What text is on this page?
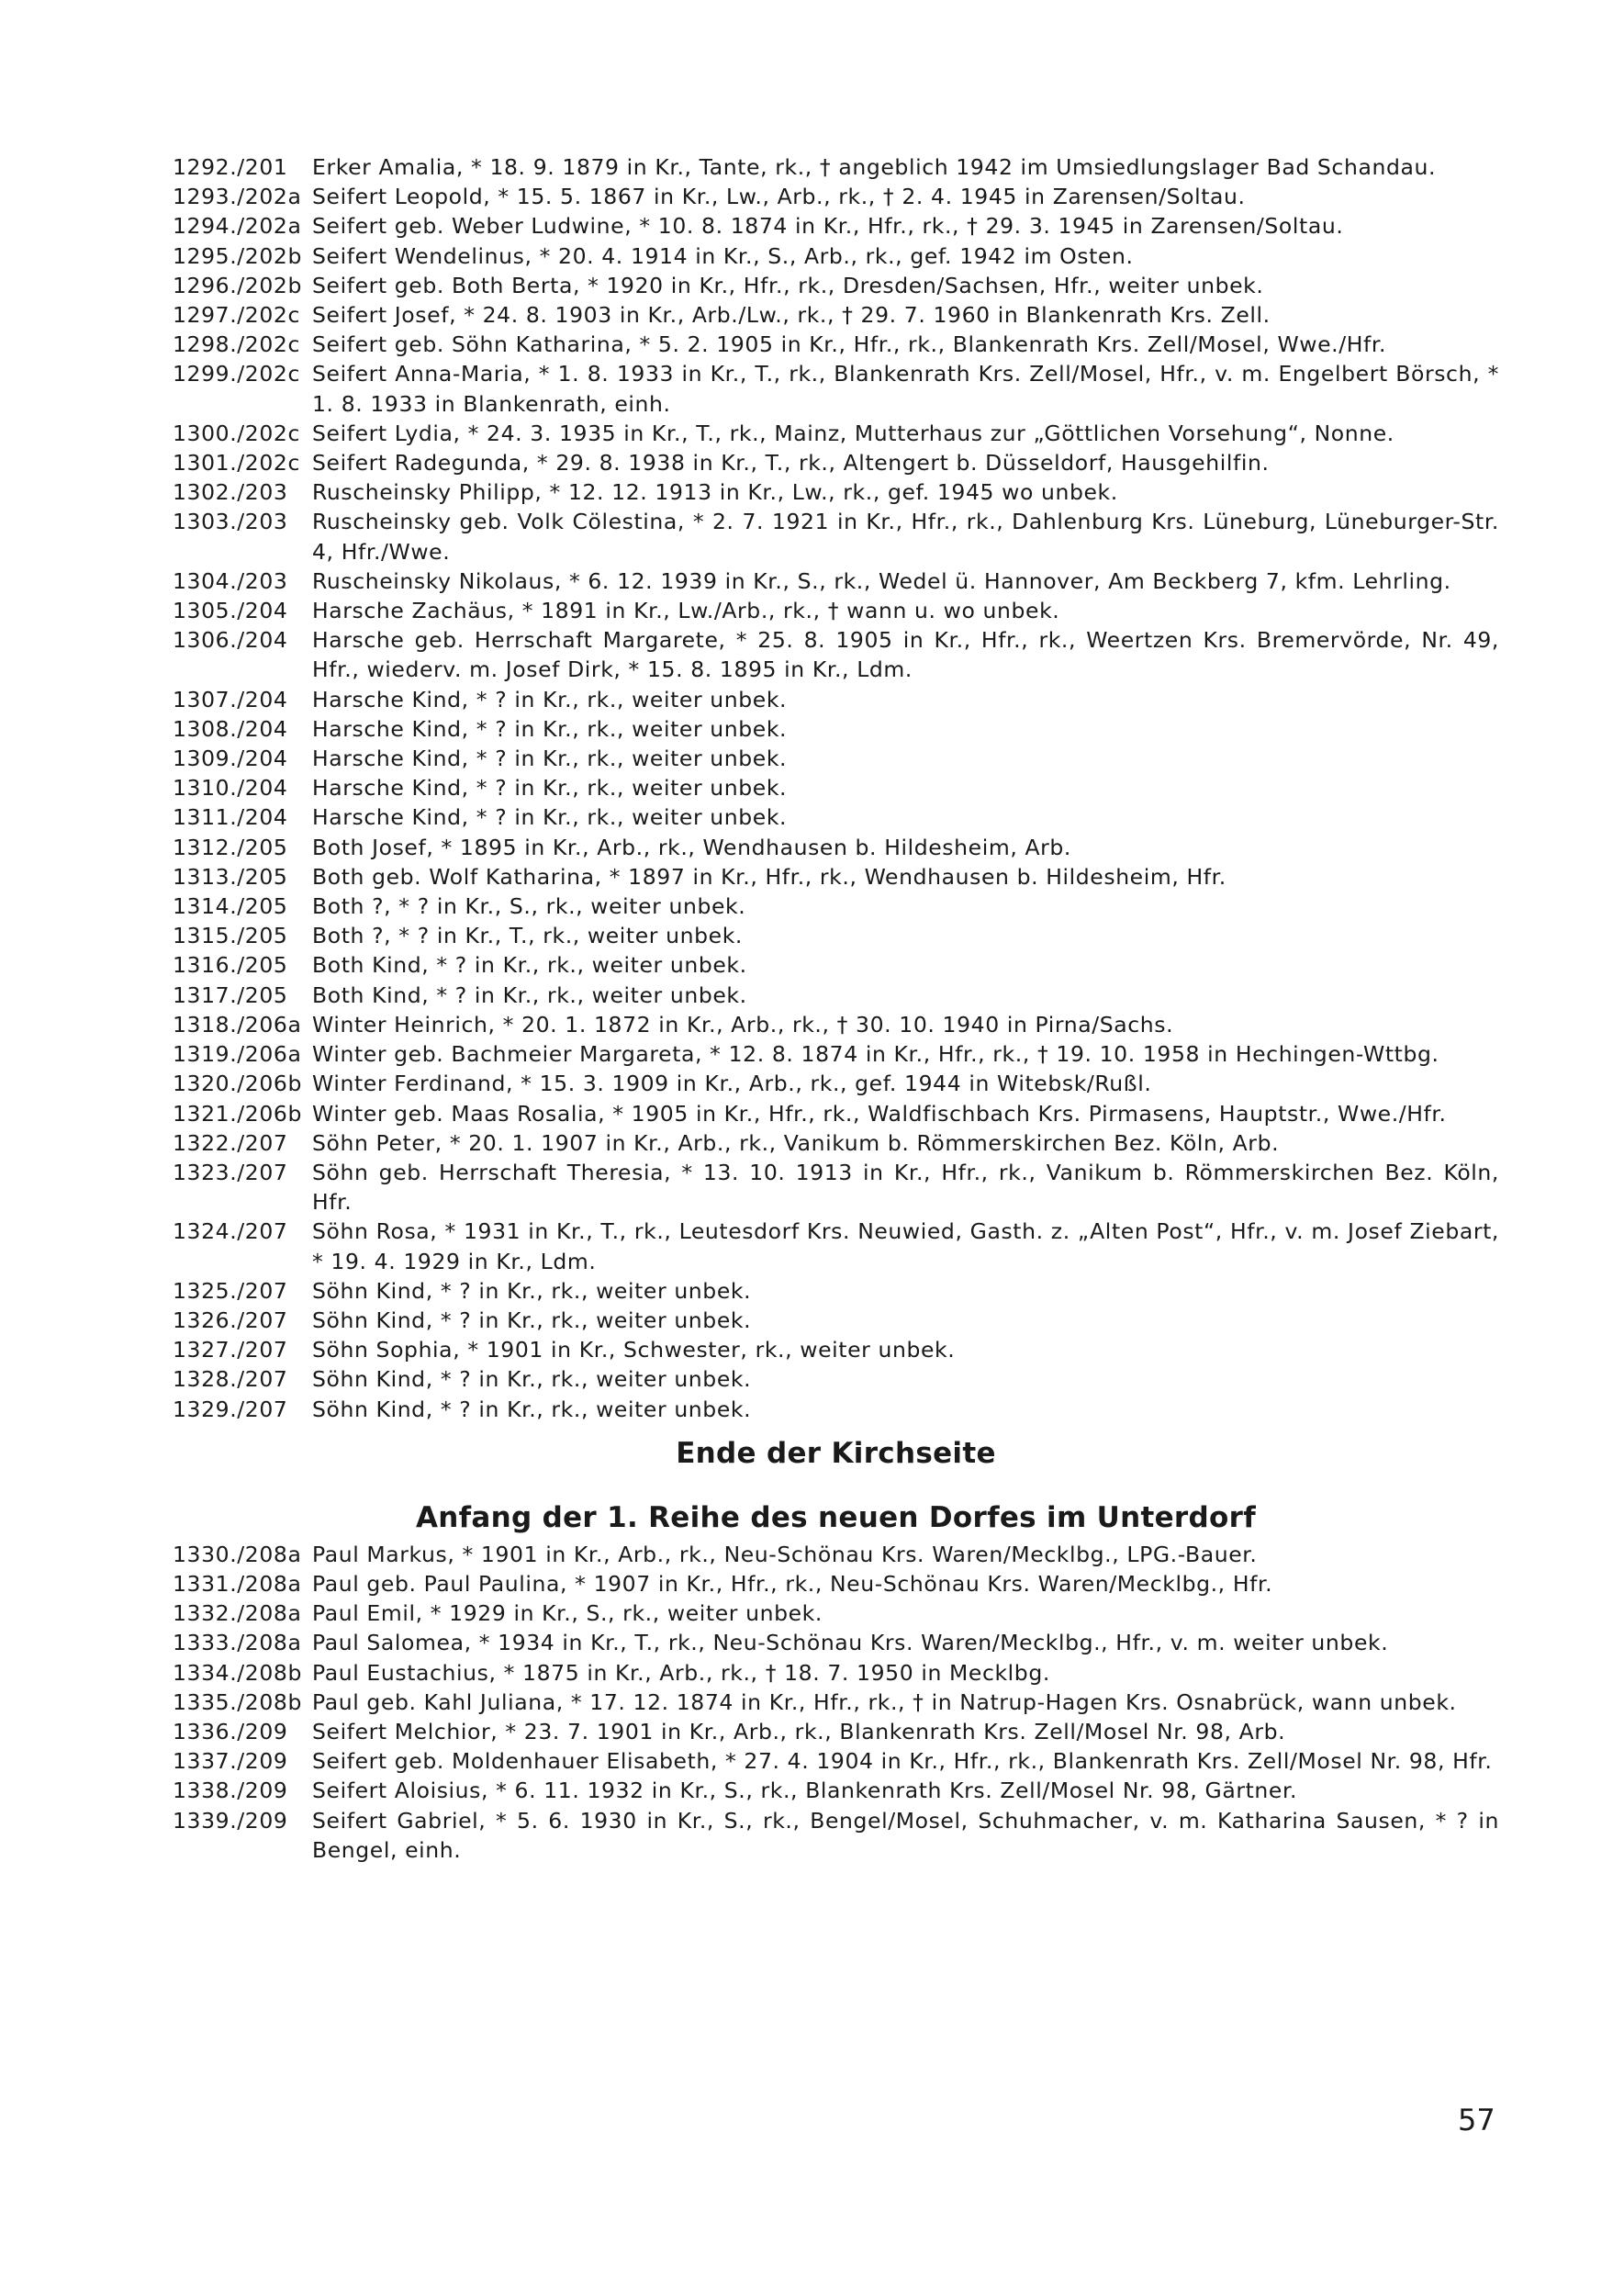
1292./201	Erker Amalia, * 18. 9. 1879 in Kr., Tante, rk., † angeblich 1942 im Umsiedlungslager Bad Schandau.
1293./202a Seifert Leopold, * 15. 5. 1867 in Kr., Lw., Arb., rk., † 2. 4. 1945 in Zarensen/Soltau.
1294./202a Seifert geb. Weber Ludwine, * 10. 8. 1874 in Kr., Hfr., rk., † 29. 3. 1945 in Zarensen/Soltau.
1295./202b Seifert Wendelinus, * 20. 4. 1914 in Kr., S., Arb., rk., gef. 1942 im Osten.
1296./202b Seifert geb. Both Berta, * 1920 in Kr., Hfr., rk., Dresden/Sachsen, Hfr., weiter unbek.
1297./202c Seifert Josef, * 24. 8. 1903 in Kr., Arb./Lw., rk., † 29. 7. 1960 in Blankenrath Krs. Zell.
1298./202c Seifert geb. Söhn Katharina, * 5. 2. 1905 in Kr., Hfr., rk., Blankenrath Krs. Zell/Mosel, Wwe./Hfr.
1299./202c Seifert Anna-Maria, * 1. 8. 1933 in Kr., T., rk., Blankenrath Krs. Zell/Mosel, Hfr., v. m. Engelbert Börsch, * 1. 8. 1933 in Blankenrath, einh.
1300./202c Seifert Lydia, * 24. 3. 1935 in Kr., T., rk., Mainz, Mutterhaus zur „Göttlichen Vorsehung“, Nonne.
1301./202c Seifert Radegunda, * 29. 8. 1938 in Kr., T., rk., Altengert b. Düsseldorf, Hausgehilfin.
1302./203	Ruscheinsky Philipp, * 12. 12. 1913 in Kr., Lw., rk., gef. 1945 wo unbek.
1303./203	Ruscheinsky geb. Volk Cölestina, * 2. 7. 1921 in Kr., Hfr., rk., Dahlenburg Krs. Lüneburg, Lüneburger-Str. 4, Hfr./Wwe.
1304./203	Ruscheinsky Nikolaus, * 6. 12. 1939 in Kr., S., rk., Wedel ü. Hannover, Am Beckberg 7, kfm. Lehrling.
1305./204	Harsche Zachäus, * 1891 in Kr., Lw./Arb., rk., † wann u. wo unbek.
1306./204	Harsche geb. Herrschaft Margarete, * 25. 8. 1905 in Kr., Hfr., rk., Weertzen Krs. Bremervörde, Nr. 49, Hfr., wiederv. m. Josef Dirk, * 15. 8. 1895 in Kr., Ldm.
1307./204	Harsche Kind, * ? in Kr., rk., weiter unbek.
1308./204	Harsche Kind, * ? in Kr., rk., weiter unbek.
1309./204	Harsche Kind, * ? in Kr., rk., weiter unbek.
1310./204	Harsche Kind, * ? in Kr., rk., weiter unbek.
1311./204	Harsche Kind, * ? in Kr., rk., weiter unbek.
1312./205	Both Josef, * 1895 in Kr., Arb., rk., Wendhausen b. Hildesheim, Arb.
1313./205	Both geb. Wolf Katharina, * 1897 in Kr., Hfr., rk., Wendhausen b. Hildesheim, Hfr.
1314./205	Both ?, * ? in Kr., S., rk., weiter unbek.
1315./205	Both ?, * ? in Kr., T., rk., weiter unbek.
1316./205	Both Kind, * ? in Kr., rk., weiter unbek.
1317./205	Both Kind, * ? in Kr., rk., weiter unbek.
1318./206a Winter Heinrich, * 20. 1. 1872 in Kr., Arb., rk., † 30. 10. 1940 in Pirna/Sachs.
1319./206a Winter geb. Bachmeier Margareta, * 12. 8. 1874 in Kr., Hfr., rk., † 19. 10. 1958 in Hechingen-Wttbg.
1320./206b Winter Ferdinand, * 15. 3. 1909 in Kr., Arb., rk., gef. 1944 in Witebsk/Rußl.
1321./206b Winter geb. Maas Rosalia, * 1905 in Kr., Hfr., rk., Waldfischbach Krs. Pirmasens, Hauptstr., Wwe./Hfr.
1322./207	Söhn Peter, * 20. 1. 1907 in Kr., Arb., rk., Vanikum b. Römmerskirchen Bez. Köln, Arb.
1323./207	Söhn geb. Herrschaft Theresia, * 13. 10. 1913 in Kr., Hfr., rk., Vanikum b. Römmerskirchen Bez. Köln, Hfr.
1324./207	Söhn Rosa, * 1931 in Kr., T., rk., Leutesdorf Krs. Neuwied, Gasth. z. „Alten Post“, Hfr., v. m. Josef Ziebart, * 19. 4. 1929 in Kr., Ldm.
1325./207	Söhn Kind, * ? in Kr., rk., weiter unbek.
1326./207	Söhn Kind, * ? in Kr., rk., weiter unbek.
1327./207	Söhn Sophia, * 1901 in Kr., Schwester, rk., weiter unbek.
1328./207	Söhn Kind, * ? in Kr., rk., weiter unbek.
1329./207	Söhn Kind, * ? in Kr., rk., weiter unbek.
Ende der Kirchseite
Anfang der 1. Reihe des neuen Dorfes im Unterdorf
1330./208a Paul Markus, * 1901 in Kr., Arb., rk., Neu-Schönau Krs. Waren/Mecklbg., LPG.-Bauer.
1331./208a Paul geb. Paul Paulina, * 1907 in Kr., Hfr., rk., Neu-Schönau Krs. Waren/Mecklbg., Hfr.
1332./208a Paul Emil, * 1929 in Kr., S., rk., weiter unbek.
1333./208a Paul Salomea, * 1934 in Kr., T., rk., Neu-Schönau Krs. Waren/Mecklbg., Hfr., v. m. weiter unbek.
1334./208b Paul Eustachius, * 1875 in Kr., Arb., rk., † 18. 7. 1950 in Mecklbg.
1335./208b Paul geb. Kahl Juliana, * 17. 12. 1874 in Kr., Hfr., rk., † in Natrup-Hagen Krs. Osnabrück, wann unbek.
1336./209	Seifert Melchior, * 23. 7. 1901 in Kr., Arb., rk., Blankenrath Krs. Zell/Mosel Nr. 98, Arb.
1337./209	Seifert geb. Moldenhauer Elisabeth, * 27. 4. 1904 in Kr., Hfr., rk., Blankenrath Krs. Zell/Mosel Nr. 98, Hfr.
1338./209	Seifert Aloisius, * 6. 11. 1932 in Kr., S., rk., Blankenrath Krs. Zell/Mosel Nr. 98, Gärtner.
1339./209	Seifert Gabriel, * 5. 6. 1930 in Kr., S., rk., Bengel/Mosel, Schuhmacher, v. m. Katharina Sausen, * ? in Bengel, einh.
57
